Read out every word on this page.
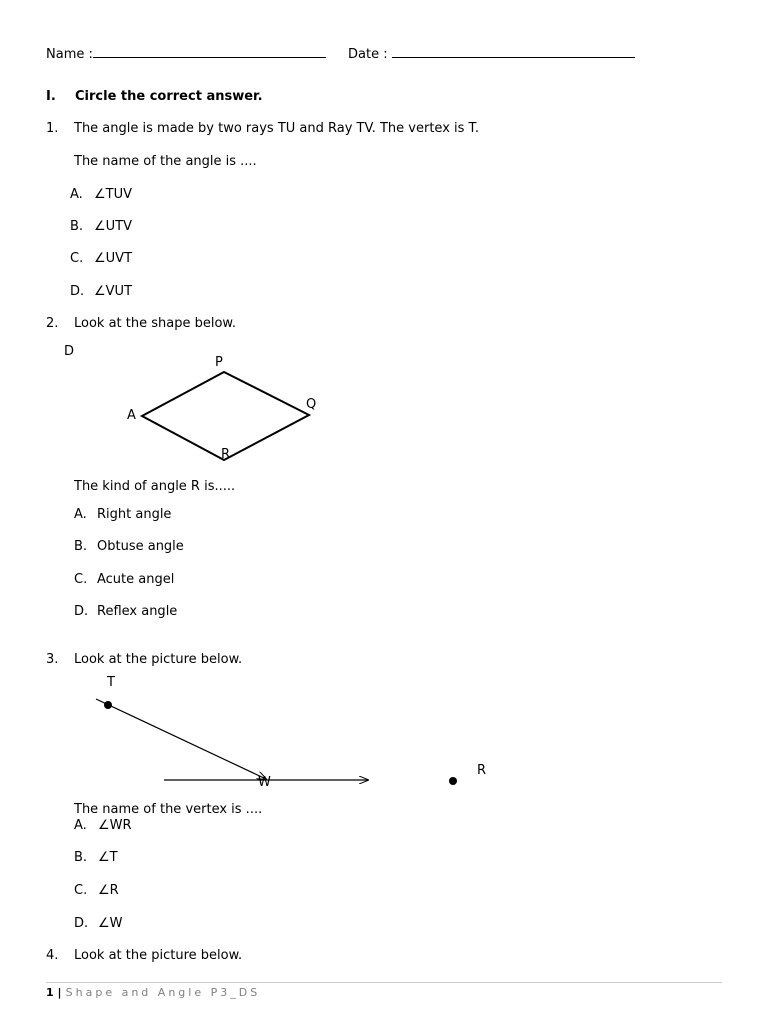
Name :	Date :
I. Circle the correct answer.
1. The angle is made by two rays TU and Ray TV. The vertex is T.
The name of the angle is ....
A. ∠TUV
B. ∠UTV
C. ∠UVT
D. ∠VUT
2. Look at the shape below.
D
P
Q
A
R
The kind of angle R is.....
A. Right angle
B. Obtuse angle
C. Acute angel
D. Reflex angle
3. Look at the picture below.
T
W
R
The name of the vertex is ....
A. ∠WR
B. ∠T
C. ∠R
D. ∠W
4. Look at the picture below.
1 | Shape and Angle P3_DS
